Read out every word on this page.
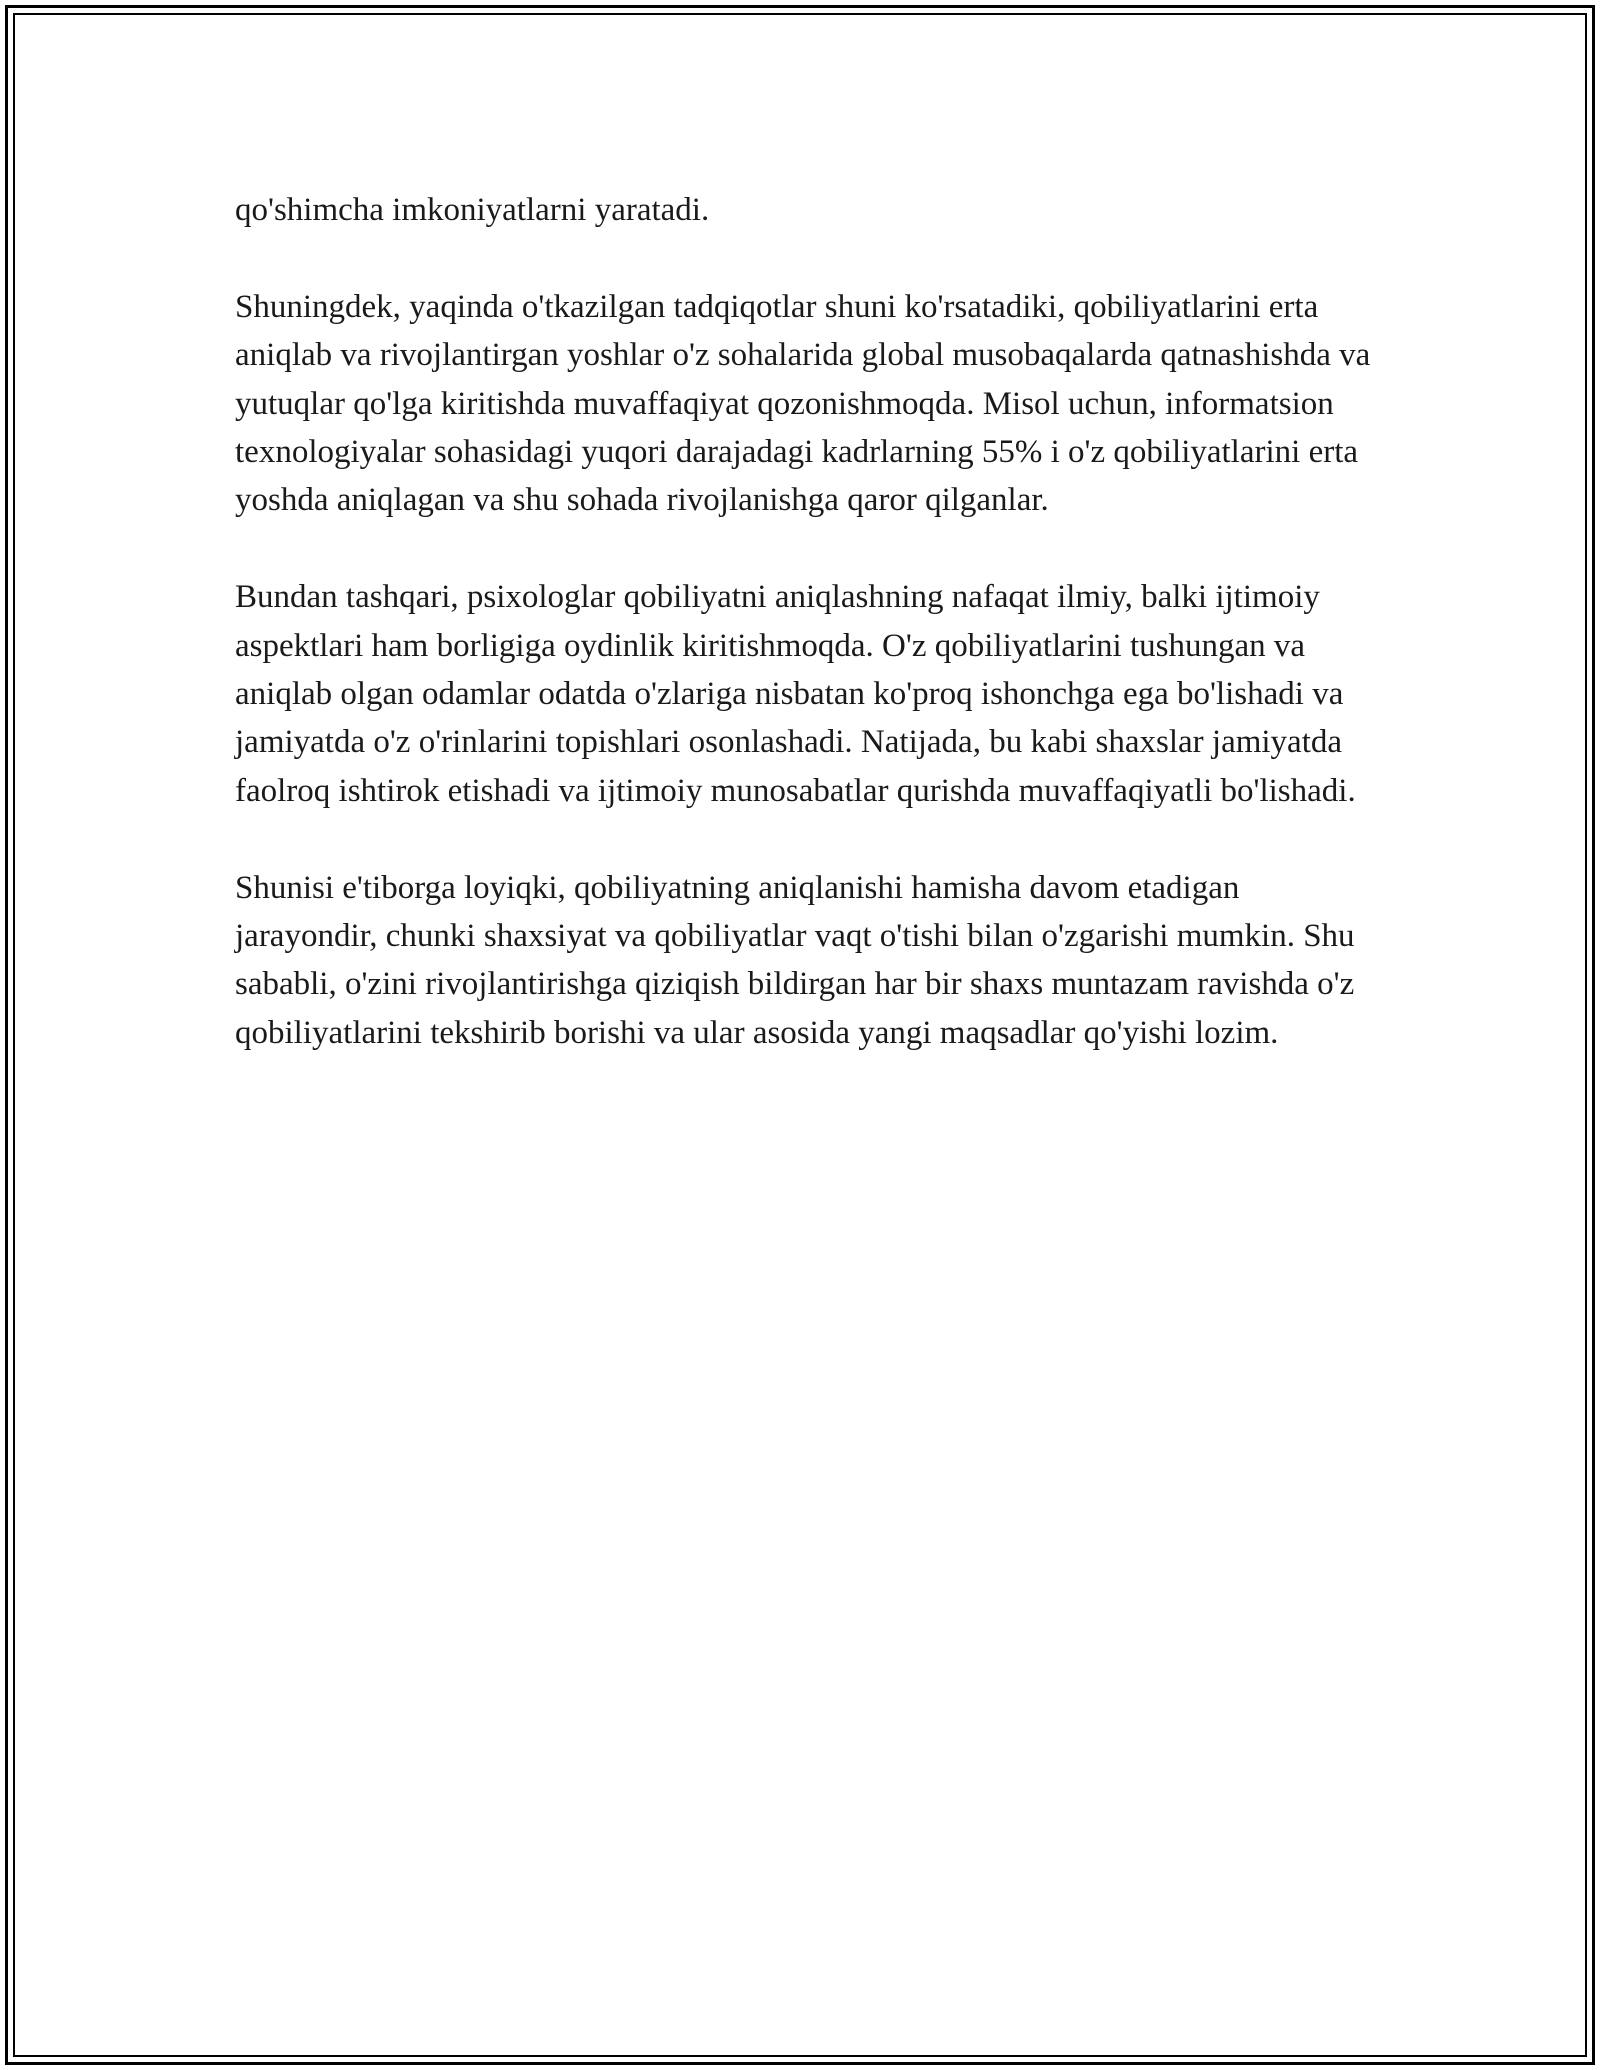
qo'shimcha imkoniyatlarni yaratadi.

Shuningdek, yaqinda o'tkazilgan tadqiqotlar shuni ko'rsatadiki, qobiliyatlarini erta aniqlab va rivojlantirgan yoshlar o'z sohalarida global musobaqalarda qatnashishda va yutuqlar qo'lga kiritishda muvaffaqiyat qozonishmoqda. Misol uchun, informatsion texnologiyalar sohasidagi yuqori darajadagi kadrlarning 55% i o'z qobiliyatlarini erta yoshda aniqlagan va shu sohada rivojlanishga qaror qilganlar.

Bundan tashqari, psixologlar qobiliyatni aniqlashning nafaqat ilmiy, balki ijtimoiy aspektlari ham borligiga oydinlik kiritishmoqda. O'z qobiliyatlarini tushungan va aniqlab olgan odamlar odatda o'zlariga nisbatan ko'proq ishonchga ega bo'lishadi va jamiyatda o'z o'rinlarini topishlari osonlashadi. Natijada, bu kabi shaxslar jamiyatda faolroq ishtirok etishadi va ijtimoiy munosabatlar qurishda muvaffaqiyatli bo'lishadi.

Shunisi e'tiborga loyiqki, qobiliyatning aniqlanishi hamisha davom etadigan jarayondir, chunki shaxsiyat va qobiliyatlar vaqt o'tishi bilan o'zgarishi mumkin. Shu sababli, o'zini rivojlantirishga qiziqish bildirgan har bir shaxs muntazam ravishda o'z qobiliyatlarini tekshirib borishi va ular asosida yangi maqsadlar qo'yishi lozim.
